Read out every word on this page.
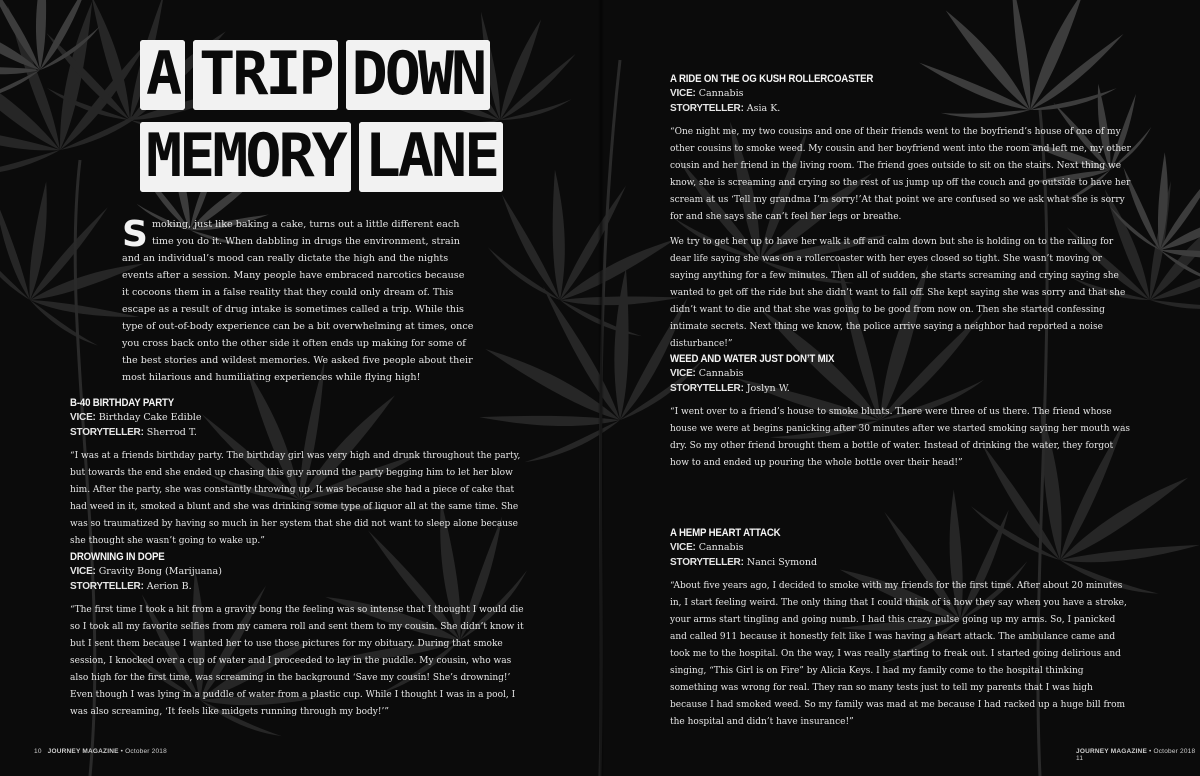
A TRIP DOWN
MEMORY LANE
Smoking, just like baking a cake, turns out a little different each time you do it. When dabbling in drugs the environment, strain and an individual’s mood can really dictate the high and the nights events after a session. Many people have embraced narcotics because it cocoons them in a false reality that they could only dream of. This escape as a result of drug intake is sometimes called a trip. While this type of out-of-body experience can be a bit overwhelming at times, once you cross back onto the other side it often ends up making for some of the best stories and wildest memories. We asked five people about their most hilarious and humiliating experiences while flying high!
B-40 BIRTHDAY PARTY
VICE: Birthday Cake Edible
STORYTELLER: Sherrod T.

“I was at a friends birthday party. The birthday girl was very high and drunk throughout the party, but towards the end she ended up chasing this guy around the party begging him to let her blow him. After the party, she was constantly throwing up. It was because she had a piece of cake that had weed in it, smoked a blunt and she was drinking some type of liquor all at the same time. She was so traumatized by having so much in her system that she did not want to sleep alone because she thought she wasn’t going to wake up.”

DROWNING IN DOPE
VICE: Gravity Bong (Marijuana)
STORYTELLER: Aerion B.

“The first time I took a hit from a gravity bong the feeling was so intense that I thought I would die so I took all my favorite selfies from my camera roll and sent them to my cousin. She didn’t know it but I sent them because I wanted her to use those pictures for my obituary. During that smoke session, I knocked over a cup of water and I proceeded to lay in the puddle. My cousin, who was also high for the first time, was screaming in the background ‘Save my cousin! She’s drowning!’ Even though I was lying in a puddle of water from a plastic cup. While I thought I was in a pool, I was also screaming, ‘It feels like midgets running through my body!’”

A RIDE ON THE OG KUSH ROLLERCOASTER
VICE: Cannabis
STORYTELLER: Asia K.

“One night me, my two cousins and one of their friends went to the boyfriend’s house of one of my other cousins to smoke weed. My cousin and her boyfriend went into the room and left me, my other cousin and her friend in the living room. The friend goes outside to sit on the stairs. Next thing we know, she is screaming and crying so the rest of us jump up off the couch and go outside to have her scream at us ‘Tell my grandma I’m sorry!’At that point we are confused so we ask what she is sorry for and she says she can’t feel her legs or breathe.

We try to get her up to have her walk it off and calm down but she is holding on to the railing for dear life saying she was on a rollercoaster with her eyes closed so tight. She wasn’t moving or saying anything for a few minutes. Then all of sudden, she starts screaming and crying saying she wanted to get off the ride but she didn’t want to fall off. She kept saying she was sorry and that she didn’t want to die and that she was going to be good from now on. Then she started confessing intimate secrets. Next thing we know, the police arrive saying a neighbor had reported a noise disturbance!”

WEED AND WATER JUST DON’T MIX
VICE: Cannabis
STORYTELLER: Joslyn W.

“I went over to a friend’s house to smoke blunts. There were three of us there. The friend whose house we were at begins panicking after 30 minutes after we started smoking saying her mouth was dry. So my other friend brought them a bottle of water. Instead of drinking the water, they forgot how to and ended up pouring the whole bottle over their head!”

A HEMP HEART ATTACK
VICE: Cannabis
STORYTELLER: Nanci Symond

“About five years ago, I decided to smoke with my friends for the first time. After about 20 minutes in, I start feeling weird. The only thing that I could think of is how they say when you have a stroke, your arms start tingling and going numb. I had this crazy pulse going up my arms. So, I panicked and called 911 because it honestly felt like I was having a heart attack. The ambulance came and took me to the hospital. On the way, I was really starting to freak out. I started going delirious and singing, “This Girl is on Fire” by Alicia Keys. I had my family come to the hospital thinking something was wrong for real. They ran so many tests just to tell my parents that I was high because I had smoked weed. So my family was mad at me because I had racked up a huge bill from the hospital and didn’t have insurance!”

10 JOURNEY MAGAZINE • October 2018	JOURNEY MAGAZINE • October 2018   11
